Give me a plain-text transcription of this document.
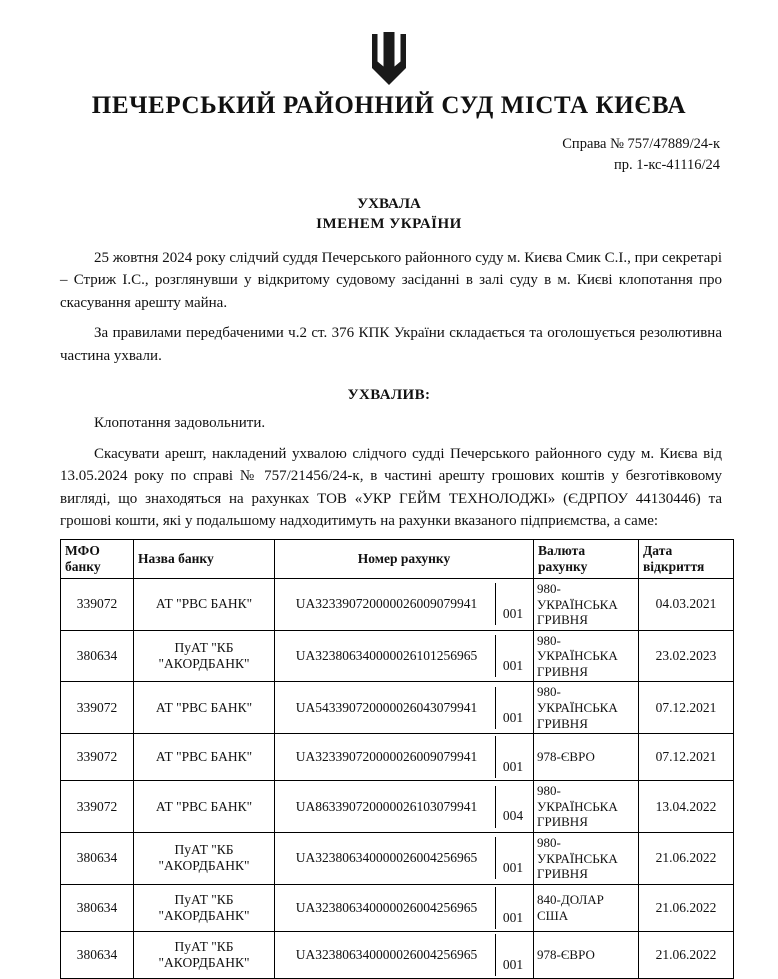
ПЕЧЕРСЬКИЙ РАЙОННИЙ СУД МІСТА КИЄВА
Справа № 757/47889/24-к
пр. 1-кс-41116/24
УХВАЛА
ІМЕНЕМ УКРАЇНИ

25 жовтня 2024 року слідчий суддя Печерського районного суду м. Києва Смик С.І., при секретарі – Стриж І.С., розглянувши у відкритому судовому засіданні в залі суду в м. Києві клопотання про скасування арешту майна.

За правилами передбаченими ч.2 ст. 376 КПК України складається та оголошується резолютивна частина ухвали.

УХВАЛИВ:

Клопотання задовольнити.

Скасувати арешт, накладений ухвалою слідчого судді Печерського районного суду м. Києва від 13.05.2024 року по справі № 757/21456/24-к, в частині арешту грошових коштів у безготівковому вигляді, що знаходяться на рахунках ТОВ «УКР ГЕЙМ ТЕХНОЛОДЖІ» (ЄДРПОУ 44130446) та грошові кошти, які у подальшому надходитимуть на рахунки вказаного підприємства, а саме:

МФО
банку	Назва банку	Номер рахунку	Валюта
рахунку	Дата
відкриття

339072	АТ "РВС БАНК"	UA323390720000026009079941
001	980-УКРАЇНСЬКА ГРИВНЯ	04.03.2021
380634	ПуАТ "КБ "АКОРДБАНК"	UA323806340000026101256965
001	980-УКРАЇНСЬКА ГРИВНЯ	23.02.2023
339072	АТ "РВС БАНК"	UA543390720000026043079941
001	980-УКРАЇНСЬКА ГРИВНЯ	07.12.2021
339072	АТ "РВС БАНК"	UA323390720000026009079941
001	978-ЄВРО	07.12.2021
339072	АТ "РВС БАНК"	UA863390720000026103079941
004	980-УКРАЇНСЬКА ГРИВНЯ	13.04.2022
380634	ПуАТ "КБ "АКОРДБАНК"	UA323806340000026004256965
001	980-УКРАЇНСЬКА ГРИВНЯ	21.06.2022
380634	ПуАТ "КБ "АКОРДБАНК"	UA323806340000026004256965
001	840-ДОЛАР США	21.06.2022
380634	ПуАТ "КБ "АКОРДБАНК"	UA323806340000026004256965
001	978-ЄВРО	21.06.2022
